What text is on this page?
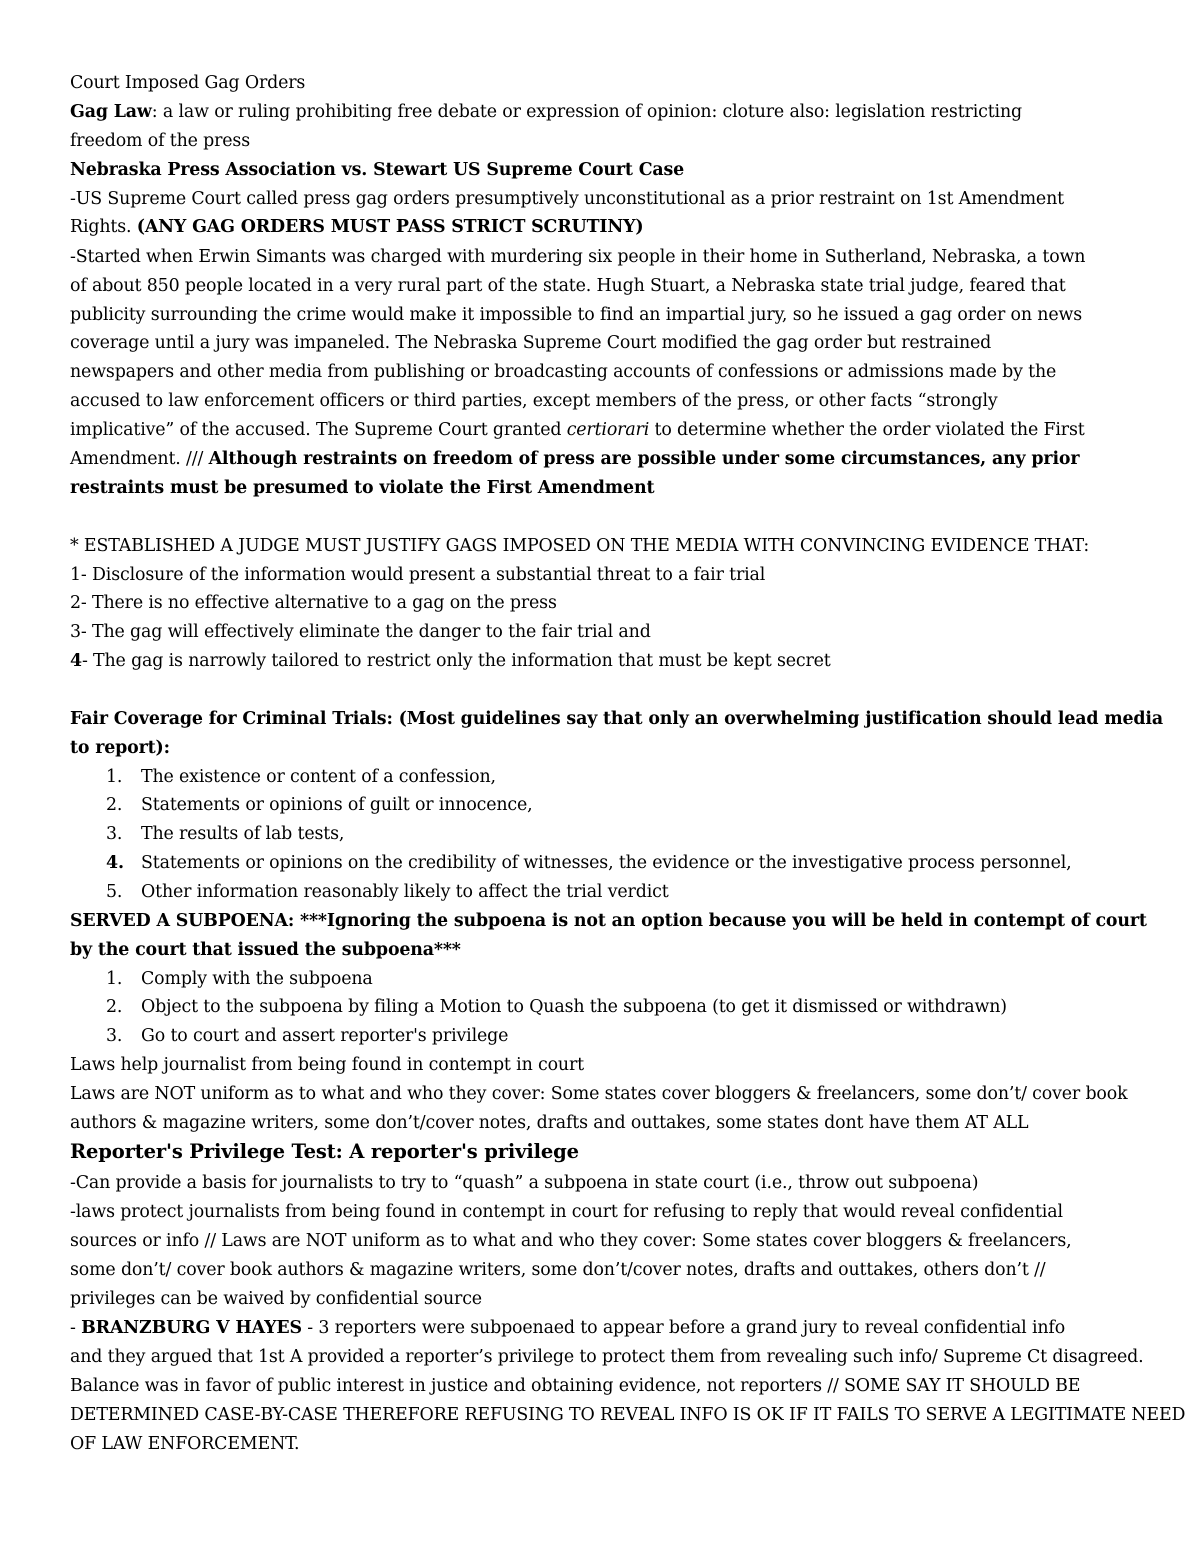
Court Imposed Gag Orders
Gag Law: a law or ruling prohibiting free debate or expression of opinion: cloture also: legislation restricting
freedom of the press
Nebraska Press Association vs. Stewart US Supreme Court Case
-US Supreme Court called press gag orders presumptively unconstitutional as a prior restraint on 1st Amendment
Rights. (ANY GAG ORDERS MUST PASS STRICT SCRUTINY)
-Started when Erwin Simants was charged with murdering six people in their home in Sutherland, Nebraska, a town
of about 850 people located in a very rural part of the state. Hugh Stuart, a Nebraska state trial judge, feared that
publicity surrounding the crime would make it impossible to find an impartial jury, so he issued a gag order on news
coverage until a jury was impaneled. The Nebraska Supreme Court modified the gag order but restrained
newspapers and other media from publishing or broadcasting accounts of confessions or admissions made by the
accused to law enforcement officers or third parties, except members of the press, or other facts “strongly
implicative” of the accused. The Supreme Court granted certiorari to determine whether the order violated the First
Amendment. /// Although restraints on freedom of press are possible under some circumstances, any prior
restraints must be presumed to violate the First Amendment
* ESTABLISHED A JUDGE MUST JUSTIFY GAGS IMPOSED ON THE MEDIA WITH CONVINCING EVIDENCE THAT:
1- Disclosure of the information would present a substantial threat to a fair trial
2- There is no effective alternative to a gag on the press
3- The gag will effectively eliminate the danger to the fair trial and
4- The gag is narrowly tailored to restrict only the information that must be kept secret
Fair Coverage for Criminal Trials: (Most guidelines say that only an overwhelming justification should lead media
to report):
1. The existence or content of a confession,
2. Statements or opinions of guilt or innocence,
3. The results of lab tests,
4. Statements or opinions on the credibility of witnesses, the evidence or the investigative process personnel,
5. Other information reasonably likely to affect the trial verdict
SERVED A SUBPOENA: ***Ignoring the subpoena is not an option because you will be held in contempt of court
by the court that issued the subpoena***
1. Comply with the subpoena
2. Object to the subpoena by filing a Motion to Quash the subpoena (to get it dismissed or withdrawn)
3. Go to court and assert reporter's privilege
Laws help journalist from being found in contempt in court
Laws are NOT uniform as to what and who they cover: Some states cover bloggers & freelancers, some don’t/ cover book
authors & magazine writers, some don’t/cover notes, drafts and outtakes, some states dont have them AT ALL
Reporter's Privilege Test: A reporter's privilege
-Can provide a basis for journalists to try to “quash” a subpoena in state court (i.e., throw out subpoena)
-laws protect journalists from being found in contempt in court for refusing to reply that would reveal confidential
sources or info // Laws are NOT uniform as to what and who they cover: Some states cover bloggers & freelancers,
some don’t/ cover book authors & magazine writers, some don’t/cover notes, drafts and outtakes, others don’t //
privileges can be waived by confidential source
- BRANZBURG V HAYES - 3 reporters were subpoenaed to appear before a grand jury to reveal confidential info
and they argued that 1st A provided a reporter’s privilege to protect them from revealing such info/ Supreme Ct disagreed.
Balance was in favor of public interest in justice and obtaining evidence, not reporters // SOME SAY IT SHOULD BE
DETERMINED CASE-BY-CASE THEREFORE REFUSING TO REVEAL INFO IS OK IF IT FAILS TO SERVE A LEGITIMATE NEED
OF LAW ENFORCEMENT.
